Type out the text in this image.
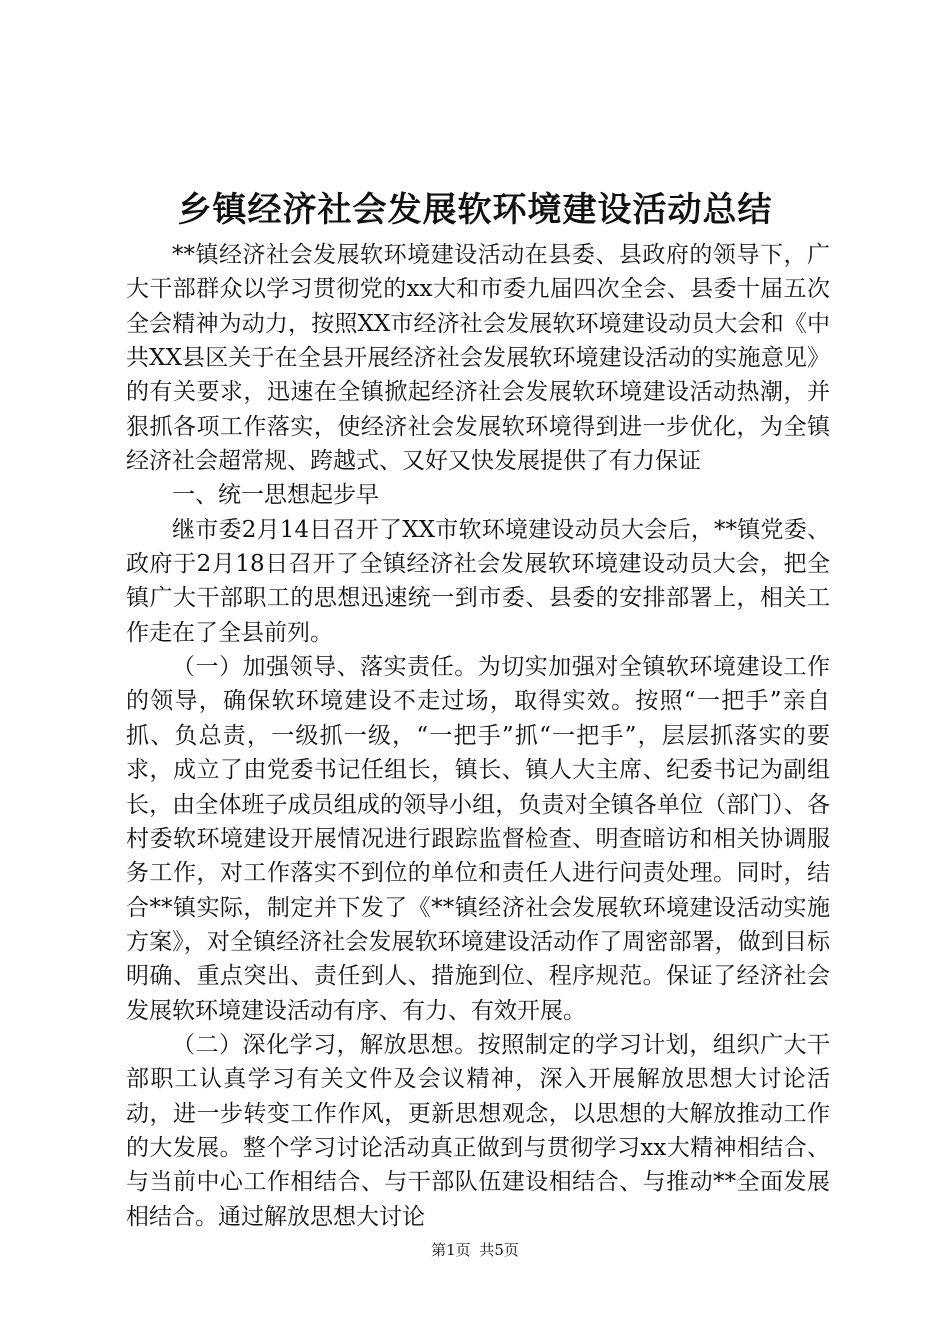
乡镇经济社会发展软环境建设活动总结

**镇经济社会发展软环境建设活动在县委、县政府的领导下，广大干部群众以学习贯彻党的xx大和市委九届四次全会、县委十届五次全会精神为动力，按照XX市经济社会发展软环境建设动员大会和《中共XX县区关于在全县开展经济社会发展软环境建设活动的实施意见》的有关要求，迅速在全镇掀起经济社会发展软环境建设活动热潮，并狠抓各项工作落实，使经济社会发展软环境得到进一步优化，为全镇经济社会超常规、跨越式、又好又快发展提供了有力保证

一、统一思想起步早

继市委2月14日召开了XX市软环境建设动员大会后，**镇党委、政府于2月18日召开了全镇经济社会发展软环境建设动员大会，把全镇广大干部职工的思想迅速统一到市委、县委的安排部署上，相关工作走在了全县前列。

（一）加强领导、落实责任。为切实加强对全镇软环境建设工作的领导，确保软环境建设不走过场，取得实效。按照“一把手”亲自抓、负总责，一级抓一级，“一把手”抓“一把手”，层层抓落实的要求，成立了由党委书记任组长，镇长、镇人大主席、纪委书记为副组长，由全体班子成员组成的领导小组，负责对全镇各单位（部门）、各村委软环境建设开展情况进行跟踪监督检查、明查暗访和相关协调服务工作，对工作落实不到位的单位和责任人进行问责处理。同时，结合**镇实际，制定并下发了《**镇经济社会发展软环境建设活动实施方案》，对全镇经济社会发展软环境建设活动作了周密部署，做到目标明确、重点突出、责任到人、措施到位、程序规范。保证了经济社会发展软环境建设活动有序、有力、有效开展。

（二）深化学习，解放思想。按照制定的学习计划，组织广大干部职工认真学习有关文件及会议精神，深入开展解放思想大讨论活动，进一步转变工作作风，更新思想观念，以思想的大解放推动工作的大发展。整个学习讨论活动真正做到与贯彻学习xx大精神相结合、与当前中心工作相结合、与干部队伍建设相结合、与推动**全面发展相结合。通过解放思想大讨论

第1页 共5页
